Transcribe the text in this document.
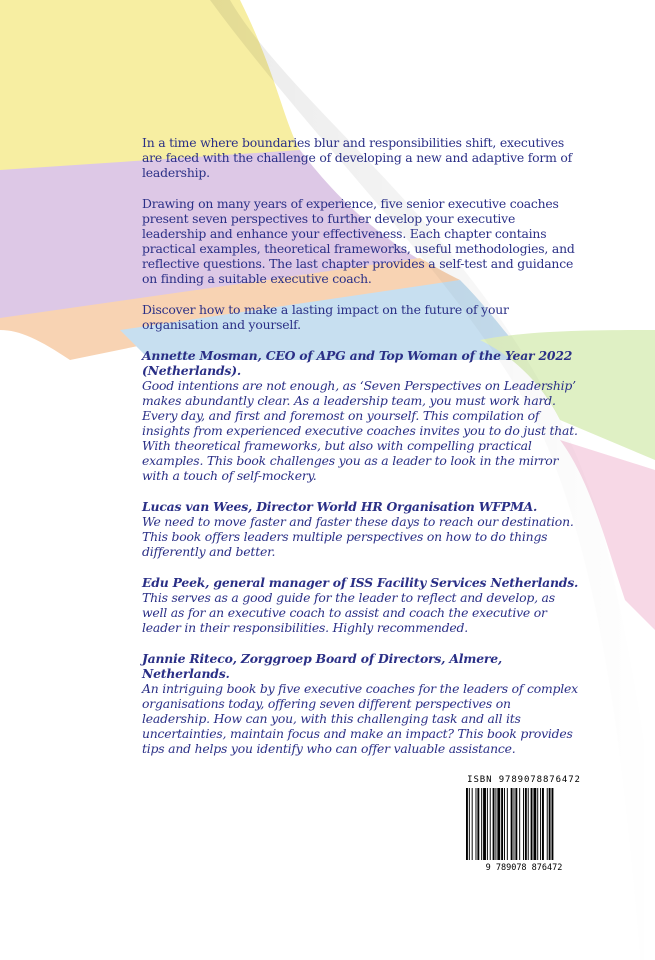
In a time where boundaries blur and responsibilities shift, executives are faced with the challenge of developing a new and adaptive form of leadership.

Drawing on many years of experience, five senior executive coaches present seven perspectives to further develop your executive leadership and enhance your effectiveness. Each chapter contains practical examples, theoretical frameworks, useful methodologies, and reflective questions. The last chapter provides a self-test and guidance on finding a suitable executive coach.

Discover how to make a lasting impact on the future of your organisation and yourself.

Annette Mosman, CEO of APG and Top Woman of the Year 2022 (Netherlands).
Good intentions are not enough, as ‘Seven Perspectives on Leadership’ makes abundantly clear. As a leadership team, you must work hard. Every day, and first and foremost on yourself. This compilation of insights from experienced executive coaches invites you to do just that. With theoretical frameworks, but also with compelling practical examples. This book challenges you as a leader to look in the mirror with a touch of self-mockery.
Lucas van Wees, Director World HR Organisation WFPMA.
We need to move faster and faster these days to reach our destination. This book offers leaders multiple perspectives on how to do things differently and better.
Edu Peek, general manager of ISS Facility Services Netherlands.
This serves as a good guide for the leader to reflect and develop, as well as for an executive coach to assist and coach the executive or leader in their responsibilities. Highly recommended.
Jannie Riteco, Zorggroep Board of Directors, Almere, Netherlands.
An intriguing book by five executive coaches for the leaders of complex organisations today, offering seven different perspectives on leadership. How can you, with this challenging task and all its uncertainties, maintain focus and make an impact? This book provides tips and helps you identify who can offer valuable assistance.
ISBN 9789078876472
9 789078 876472
